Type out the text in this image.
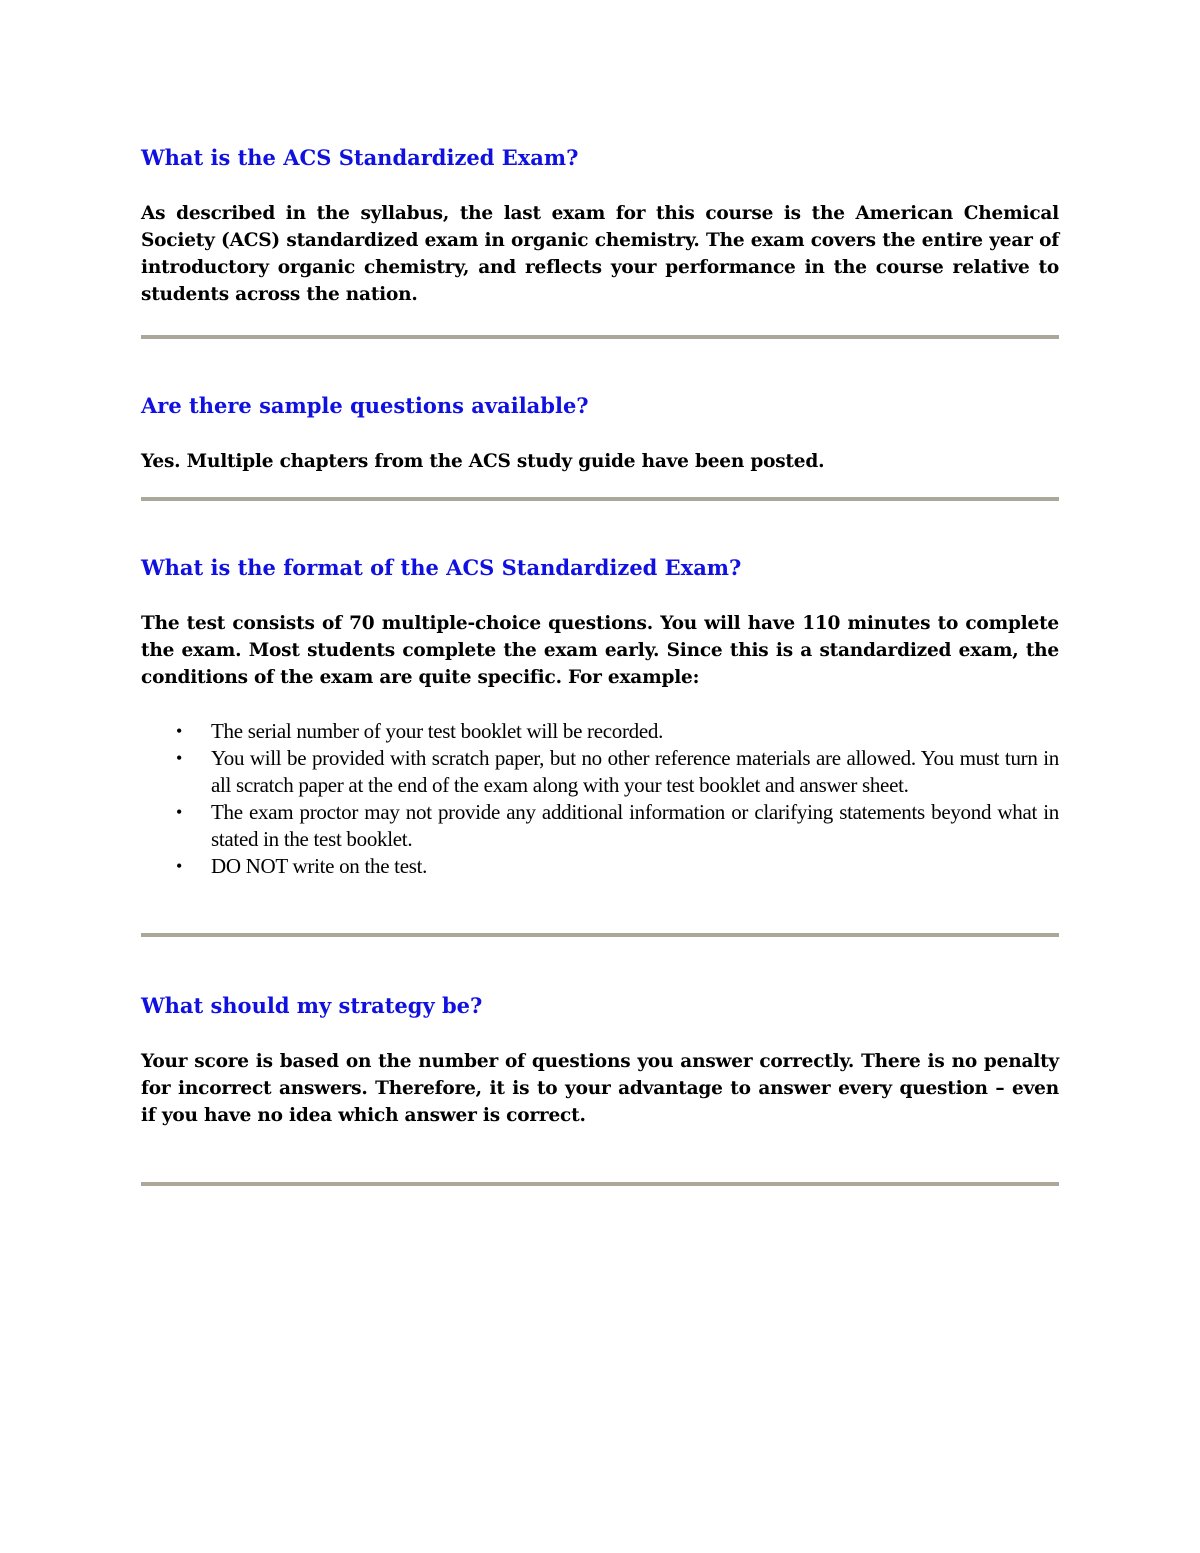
What is the ACS Standardized Exam?

As described in the syllabus, the last exam for this course is the American Chemical Society (ACS) standardized exam in organic chemistry. The exam covers the entire year of introductory organic chemistry, and reflects your performance in the course relative to students across the nation.

Are there sample questions available?

Yes. Multiple chapters from the ACS study guide have been posted.

What is the format of the ACS Standardized Exam?

The test consists of 70 multiple-choice questions. You will have 110 minutes to complete the exam. Most students complete the exam early. Since this is a standardized exam, the conditions of the exam are quite specific. For example:

• The serial number of your test booklet will be recorded.
• You will be provided with scratch paper, but no other reference materials are allowed. You must turn in all scratch paper at the end of the exam along with your test booklet and answer sheet.
• The exam proctor may not provide any additional information or clarifying statements beyond what in stated in the test booklet.
• DO NOT write on the test.
What should my strategy be?

Your score is based on the number of questions you answer correctly. There is no penalty for incorrect answers. Therefore, it is to your advantage to answer every question – even if you have no idea which answer is correct.
